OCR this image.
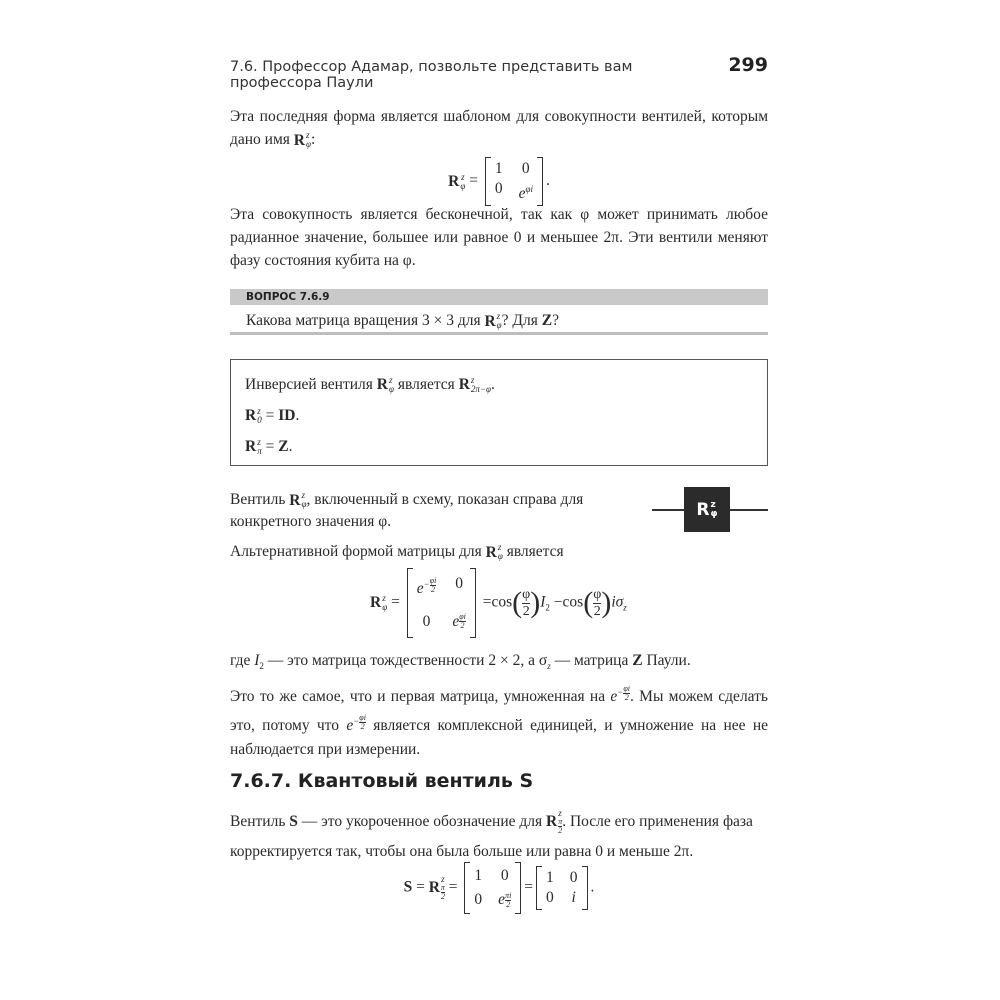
7.6. Профессор Адамар, позвольте представить вам профессора Паули
299
Эта последняя форма является шаблоном для совокупности вентилей, которым дано имя R z
φ :
R z
φ =
1 0
0 $e^{\varphi i}$ .
Эта совокупность является бесконечной, так как φ может принимать любое радианное значение, большее или равное 0 и меньшее 2π. Эти вентили меняют фазу состояния кубита на φ.
ВОПРОС 7.6.9
Какова матрица вращения 3 × 3 для R z
φ ? Для Z?
Инверсией вентиля R z
φ является R z
2π−φ .
R z
0 = ID.
R z
π = Z.
Вентиль R z
φ , включенный в схему, показан справа для конкретного значения φ.
R z
φ
Альтернативной формой матрицы для R z
φ является
R z
φ =
$e^{- \frac{\varphi i}{2}}$ 0
0	e $\frac{\varphi i}{2}$
$=\cos( \frac{\varphi}{2} )I_2 -\cos( \frac{\varphi}{2} )i\sigma_z$
где $I_2$ — это матрица тождественности 2 × 2, а $\sigma_z$ — матрица Z Паули.
Это то же самое, что и первая матрица, умноженная на $e^{- \frac{\varphi i}{2}}$ . Мы можем сделать это, потому что $e^{- \frac{\varphi i}{2}}$ является комплексной единицей, и умножение на нее не наблюдается при измерении.
7.6.7. Квантовый вентиль S
Вентиль S — это укороченное обозначение для R z
$\frac{\pi}{2}$ . После его применения фаза корректируется так, чтобы она была больше или равна 0 и меньше 2π.
S = R z
$\frac{\pi}{2}$ =
1 0
0 e $\frac{\pi i}{2}$
=
1 0
0 i
.
